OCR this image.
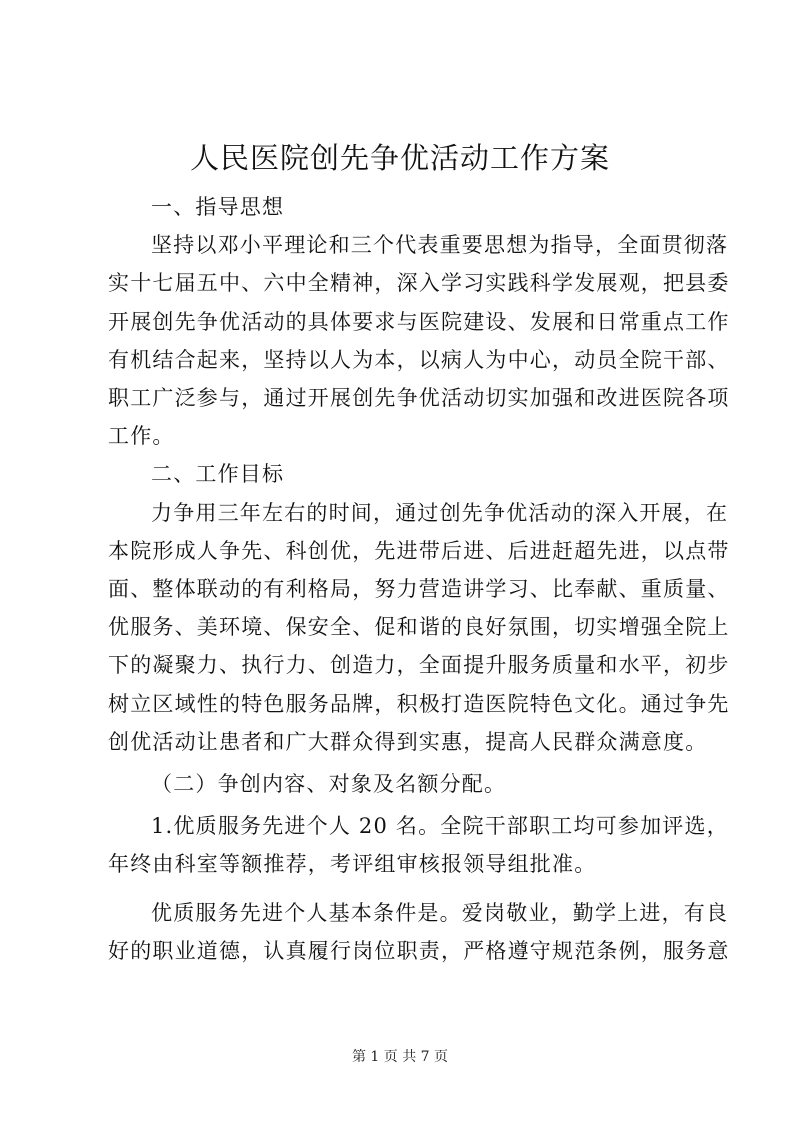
人民医院创先争优活动工作方案

一、指导思想

坚持以邓小平理论和三个代表重要思想为指导，全面贯彻落
实十七届五中、六中全精神，深入学习实践科学发展观，把县委
开展创先争优活动的具体要求与医院建设、发展和日常重点工作
有机结合起来，坚持以人为本，以病人为中心，动员全院干部、
职工广泛参与，通过开展创先争优活动切实加强和改进医院各项
工作。

二、工作目标

力争用三年左右的时间，通过创先争优活动的深入开展，在
本院形成人争先、科创优，先进带后进、后进赶超先进，以点带
面、整体联动的有利格局，努力营造讲学习、比奉献、重质量、
优服务、美环境、保安全、促和谐的良好氛围，切实增强全院上
下的凝聚力、执行力、创造力，全面提升服务质量和水平，初步
树立区域性的特色服务品牌，积极打造医院特色文化。通过争先
创优活动让患者和广大群众得到实惠，提高人民群众满意度。

（二）争创内容、对象及名额分配。

1.优质服务先进个人 20 名。全院干部职工均可参加评选，
年终由科室等额推荐，考评组审核报领导组批准。

优质服务先进个人基本条件是。爱岗敬业，勤学上进，有良
好的职业道德，认真履行岗位职责，严格遵守规范条例，服务意

第 1 页 共 7 页
